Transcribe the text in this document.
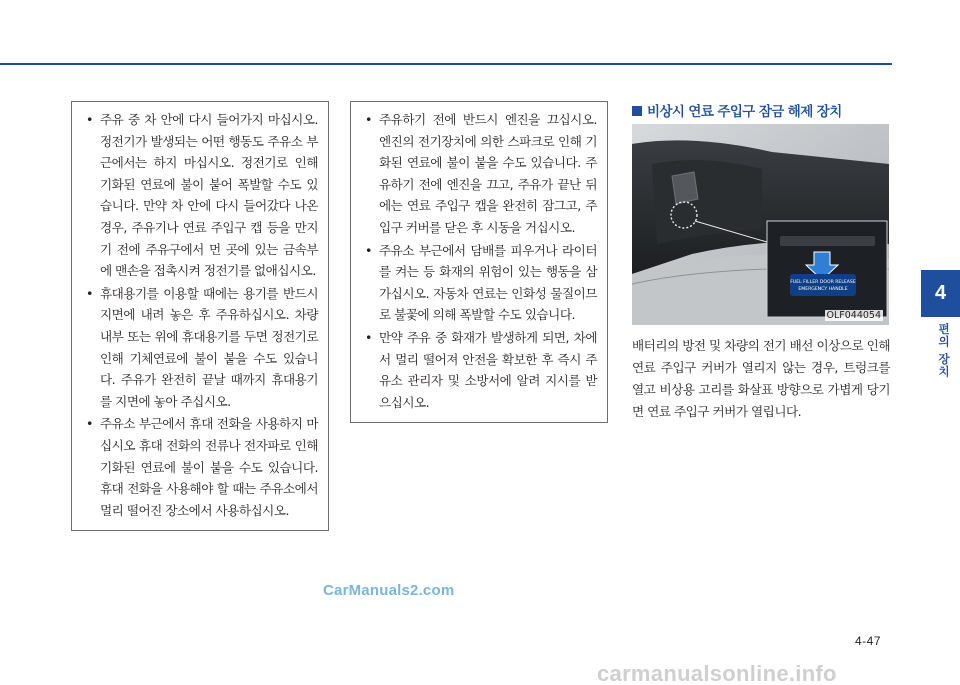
• 주유 중 차 안에 다시 들어가지 마십시오. 정전기가 발생되는 어떤 행동도 주유소 부근에서는 하지 마십시오. 정전기로 인해 기화된 연료에 불이 붙어 폭발할 수도 있습니다. 만약 차 안에 다시 들어갔다 나온 경우, 주유기나 연료 주입구 캡 등을 만지기 전에 주유구에서 먼 곳에 있는 금속부에 맨손을 접촉시켜 정전기를 없애십시오.
• 휴대용기를 이용할 때에는 용기를 반드시 지면에 내려 놓은 후 주유하십시오. 차량 내부 또는 위에 휴대용기를 두면 정전기로 인해 기체연료에 불이 붙을 수도 있습니다. 주유가 완전히 끝날 때까지 휴대용기를 지면에 놓아 주십시오.
• 주유소 부근에서 휴대 전화을 사용하지 마십시오 휴대 전화의 전류나 전자파로 인해 기화된 연료에 불이 붙을 수도 있습니다. 휴대 전화을 사용해야 할 때는 주유소에서 멀리 떨어진 장소에서 사용하십시오.
• 주유하기 전에 반드시 엔진을 끄십시오. 엔진의 전기장치에 의한 스파크로 인해 기화된 연료에 불이 붙을 수도 있습니다. 주유하기 전에 엔진을 끄고, 주유가 끝난 뒤에는 연료 주입구 캡을 완전히 잠그고, 주입구 커버를 닫은 후 시동을 거십시오.
• 주유소 부근에서 담배를 피우거나 라이터를 켜는 등 화재의 위험이 있는 행동을 삼가십시오. 자동차 연료는 인화성 물질이므로 불꽃에 의해 폭발할 수도 있습니다.
• 만약 주유 중 화재가 발생하게 되면, 차에서 멀리 떨어져 안전을 확보한 후 즉시 주유소 관리자 및 소방서에 알려 지시를 받으십시오.
비상시 연료 주입구 잠금 해제 장치
FUEL FILLER DOOR RELEASE
EMERGENCY HANDLE
OLF044054
배터리의 방전 및 차량의 전기 배선 이상으로 인해 연료 주입구 커버가 열리지 않는 경우, 트렁크를 열고 비상용 고리를 화살표 방향으로 가볍게 당기면 연료 주입구 커버가 열립니다.
4
편의 장치
4-47
CarManuals2.com
carmanualsonline.info
